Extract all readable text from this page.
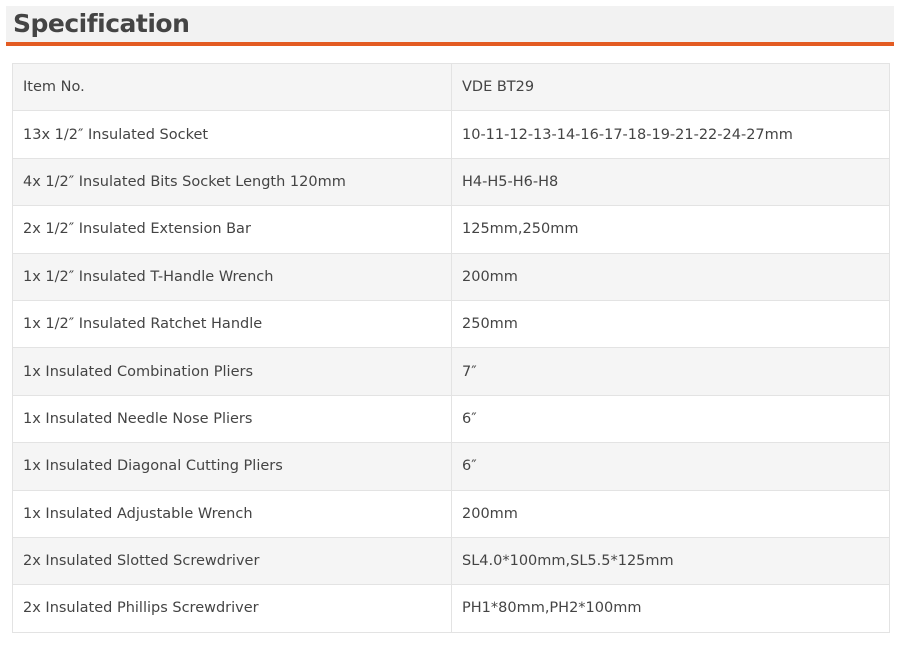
Specification
Item No.	VDE BT29
13x 1/2″ Insulated Socket	10-11-12-13-14-16-17-18-19-21-22-24-27mm
4x 1/2″ Insulated Bits Socket Length 120mm	H4-H5-H6-H8
2x 1/2″ Insulated Extension Bar	125mm,250mm
1x 1/2″ Insulated T-Handle Wrench	200mm
1x 1/2″ Insulated Ratchet Handle	250mm
1x Insulated Combination Pliers	7″
1x Insulated Needle Nose Pliers	6″
1x Insulated Diagonal Cutting Pliers	6″
1x Insulated Adjustable Wrench	200mm
2x Insulated Slotted Screwdriver	SL4.0*100mm,SL5.5*125mm
2x Insulated Phillips Screwdriver	PH1*80mm,PH2*100mm
